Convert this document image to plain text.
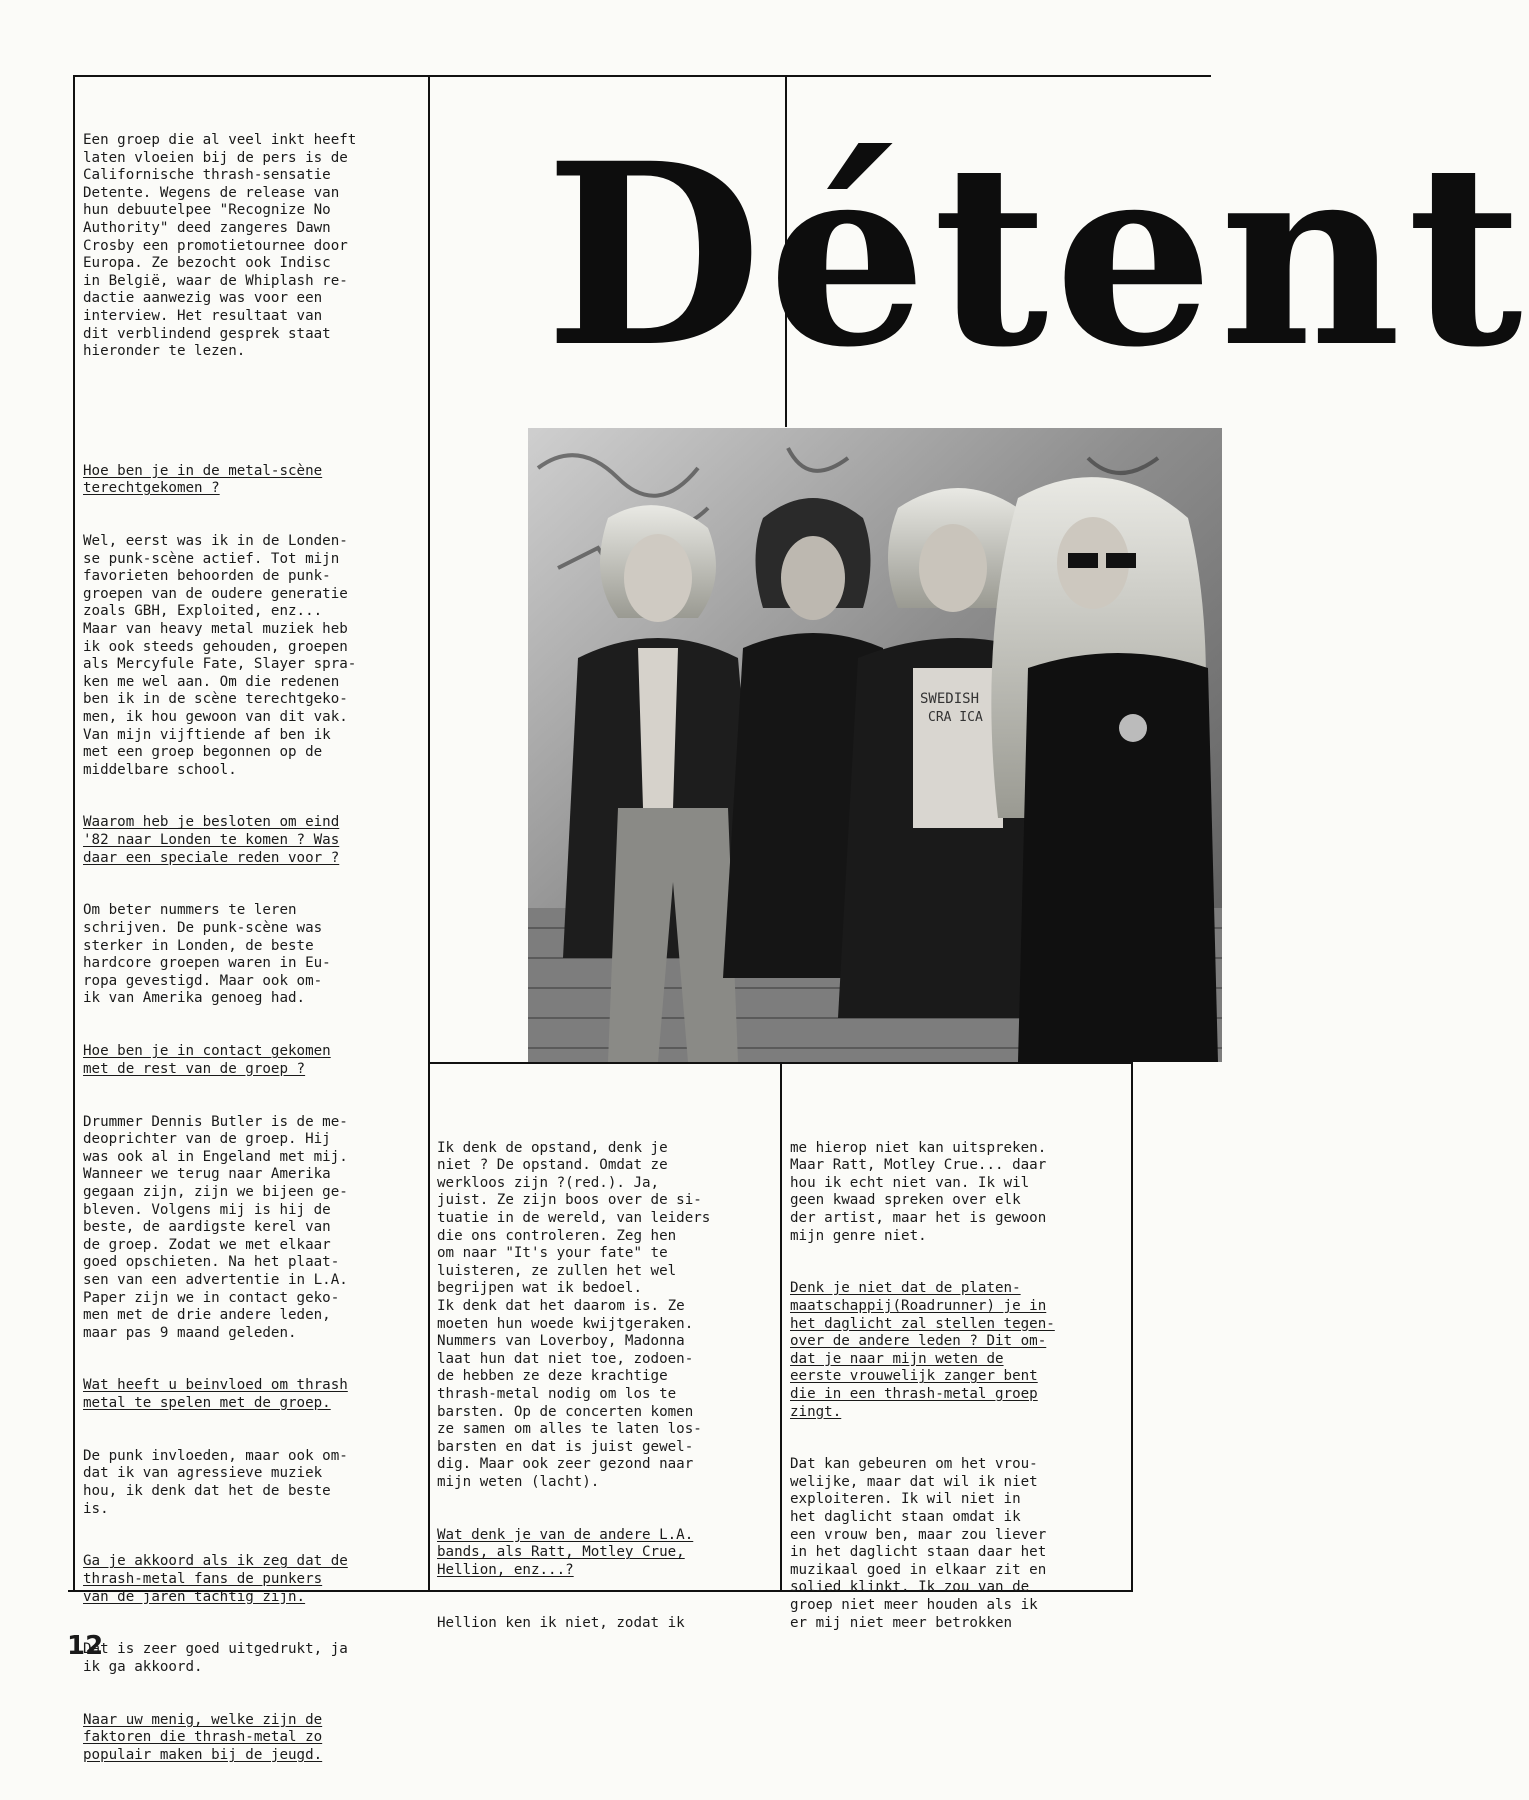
Détent
Een groep die al veel inkt heeft
laten vloeien bij de pers is de
Californische thrash-sensatie
Detente. Wegens de release van
hun debuutelpee "Recognize No
Authority" deed zangeres Dawn
Crosby een promotietournee door
Europa. Ze bezocht ook Indisc
in België, waar de Whiplash re-
dactie aanwezig was voor een
interview. Het resultaat van
dit verblindend gesprek staat
hieronder te lezen.
SWEDISH
CRA ICA

Hoe ben je in de metal-scène
terechtgekomen ?

Wel, eerst was ik in de Londen-
se punk-scène actief. Tot mijn
favorieten behoorden de punk-
groepen van de oudere generatie
zoals GBH, Exploited, enz...
Maar van heavy metal muziek heb
ik ook steeds gehouden, groepen
als Mercyfule Fate, Slayer spra-
ken me wel aan. Om die redenen
ben ik in de scène terechtgeko-
men, ik hou gewoon van dit vak.
Van mijn vijftiende af ben ik
met een groep begonnen op de
middelbare school.

Waarom heb je besloten om eind
'82 naar Londen te komen ? Was
daar een speciale reden voor ?

Om beter nummers te leren
schrijven. De punk-scène was
sterker in Londen, de beste
hardcore groepen waren in Eu-
ropa gevestigd. Maar ook om-
ik van Amerika genoeg had.

Hoe ben je in contact gekomen
met de rest van de groep ?

Drummer Dennis Butler is de me-
deoprichter van de groep. Hij
was ook al in Engeland met mij.
Wanneer we terug naar Amerika
gegaan zijn, zijn we bijeen ge-
bleven. Volgens mij is hij de
beste, de aardigste kerel van
de groep. Zodat we met elkaar
goed opschieten. Na het plaat-
sen van een advertentie in L.A.
Paper zijn we in contact geko-
men met de drie andere leden,
maar pas 9 maand geleden.

Wat heeft u beinvloed om thrash
metal te spelen met de groep.

De punk invloeden, maar ook om-
dat ik van agressieve muziek
hou, ik denk dat het de beste
is.

Ga je akkoord als ik zeg dat de
thrash-metal fans de punkers
van de jaren tachtig zijn.

Dat is zeer goed uitgedrukt, ja
ik ga akkoord.

Naar uw menig, welke zijn de
faktoren die thrash-metal zo
populair maken bij de jeugd.

Ik denk de opstand, denk je
niet ? De opstand. Omdat ze
werkloos zijn ?(red.). Ja,
juist. Ze zijn boos over de si-
tuatie in de wereld, van leiders
die ons controleren. Zeg hen
om naar "It's your fate" te
luisteren, ze zullen het wel
begrijpen wat ik bedoel.
Ik denk dat het daarom is. Ze
moeten hun woede kwijtgeraken.
Nummers van Loverboy, Madonna
laat hun dat niet toe, zodoen-
de hebben ze deze krachtige
thrash-metal nodig om los te
barsten. Op de concerten komen
ze samen om alles te laten los-
barsten en dat is juist gewel-
dig. Maar ook zeer gezond naar
mijn weten (lacht).

Wat denk je van de andere L.A.
bands, als Ratt, Motley Crue,
Hellion, enz...?

Hellion ken ik niet, zodat ik

me hierop niet kan uitspreken.
Maar Ratt, Motley Crue... daar
hou ik echt niet van. Ik wil
geen kwaad spreken over elk
der artist, maar het is gewoon
mijn genre niet.

Denk je niet dat de platen-
maatschappij(Roadrunner) je in
het daglicht zal stellen tegen-
over de andere leden ? Dit om-
dat je naar mijn weten de
eerste vrouwelijk zanger bent
die in een thrash-metal groep
zingt.

Dat kan gebeuren om het vrou-
welijke, maar dat wil ik niet
exploiteren. Ik wil niet in
het daglicht staan omdat ik
een vrouw ben, maar zou liever
in het daglicht staan daar het
muzikaal goed in elkaar zit en
solied klinkt. Ik zou van de
groep niet meer houden als ik
er mij niet meer betrokken

12
